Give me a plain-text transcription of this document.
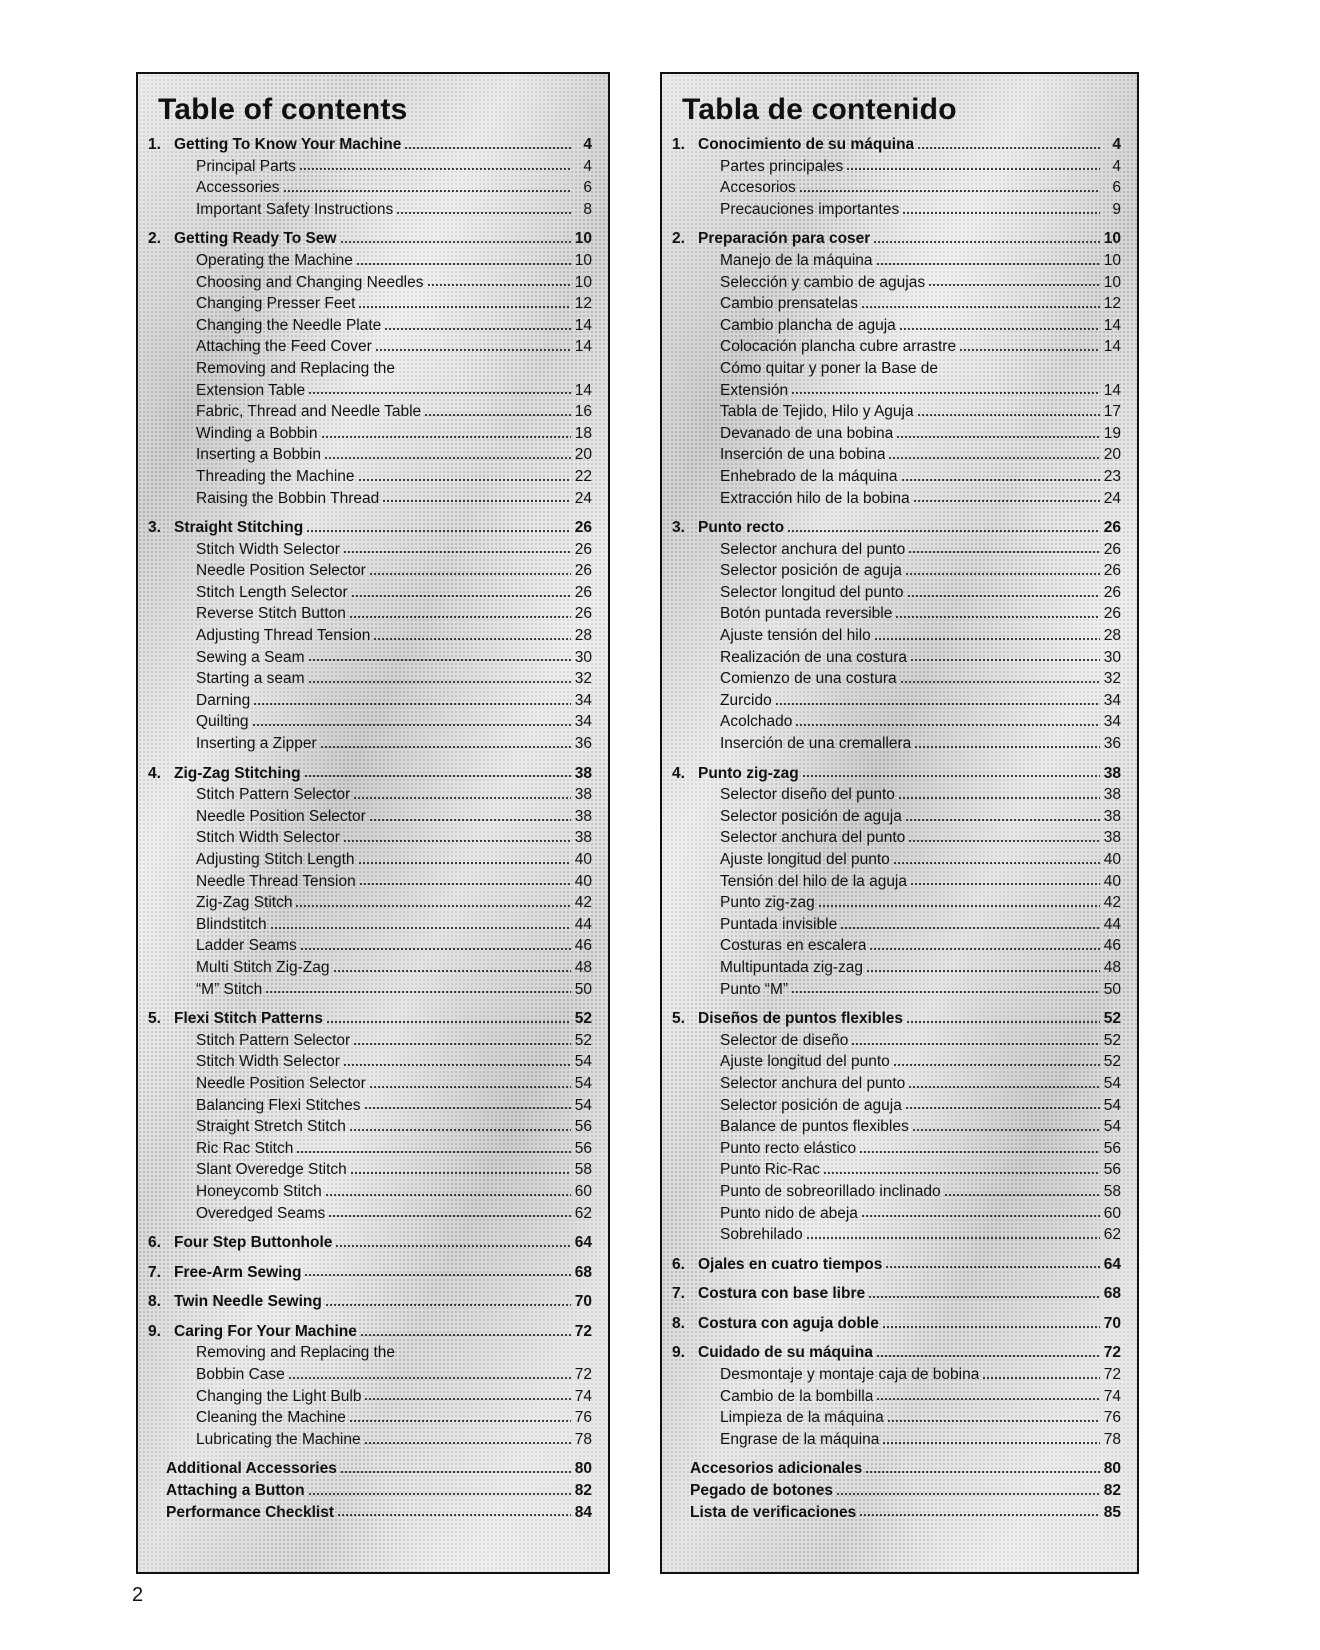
Table of contents
1. Getting To Know Your Machine	4
Principal Parts	4
Accessories	6
Important Safety Instructions	8
2. Getting Ready To Sew	10
Operating the Machine	10
Choosing and Changing Needles	10
Changing Presser Feet	12
Changing the Needle Plate	14
Attaching the Feed Cover	14
Removing and Replacing the
Extension Table	14
Fabric, Thread and Needle Table	16
Winding a Bobbin	18
Inserting a Bobbin	20
Threading the Machine	22
Raising the Bobbin Thread	24
3. Straight Stitching	26
Stitch Width Selector	26
Needle Position Selector	26
Stitch Length Selector	26
Reverse Stitch Button	26
Adjusting Thread Tension	28
Sewing a Seam	30
Starting a seam	32
Darning	34
Quilting	34
Inserting a Zipper	36
4. Zig-Zag Stitching	38
Stitch Pattern Selector	38
Needle Position Selector	38
Stitch Width Selector	38
Adjusting Stitch Length	40
Needle Thread Tension	40
Zig-Zag Stitch	42
Blindstitch	44
Ladder Seams	46
Multi Stitch Zig-Zag	48
“M” Stitch	50
5. Flexi Stitch Patterns	52
Stitch Pattern Selector	52
Stitch Width Selector	54
Needle Position Selector	54
Balancing Flexi Stitches	54
Straight Stretch Stitch	56
Ric Rac Stitch	56
Slant Overedge Stitch	58
Honeycomb Stitch	60
Overedged Seams	62
6. Four Step Buttonhole	64
7. Free-Arm Sewing	68
8. Twin Needle Sewing	70
9. Caring For Your Machine	72
Removing and Replacing the
Bobbin Case	72
Changing the Light Bulb	74
Cleaning the Machine	76
Lubricating the Machine	78
Additional Accessories	80
Attaching a Button	82
Performance Checklist	84
Tabla de contenido
1. Conocimiento de su máquina	4
Partes principales	4
Accesorios	6
Precauciones importantes	9
2. Preparación para coser	10
Manejo de la máquina	10
Selección y cambio de agujas	10
Cambio prensatelas	12
Cambio plancha de aguja	14
Colocación plancha cubre arrastre	14
Cómo quitar y poner la Base de
Extensión	14
Tabla de Tejido, Hilo y Aguja	17
Devanado de una bobina	19
Inserción de una bobina	20
Enhebrado de la máquina	23
Extracción hilo de la bobina	24
3. Punto recto	26
Selector anchura del punto	26
Selector posición de aguja	26
Selector longitud del punto	26
Botón puntada reversible	26
Ajuste tensión del hilo	28
Realización de una costura	30
Comienzo de una costura	32
Zurcido	34
Acolchado	34
Inserción de una cremallera	36
4. Punto zig-zag	38
Selector diseño del punto	38
Selector posición de aguja	38
Selector anchura del punto	38
Ajuste longitud del punto	40
Tensión del hilo de la aguja	40
Punto zig-zag	42
Puntada invisible	44
Costuras en escalera	46
Multipuntada zig-zag	48
Punto “M”	50
5. Diseños de puntos flexibles	52
Selector de diseño	52
Ajuste longitud del punto	52
Selector anchura del punto	54
Selector posición de aguja	54
Balance de puntos flexibles	54
Punto recto elástico	56
Punto Ric-Rac	56
Punto de sobreorillado inclinado	58
Punto nido de abeja	60
Sobrehilado	62
6. Ojales en cuatro tiempos	64
7. Costura con base libre	68
8. Costura con aguja doble	70
9. Cuidado de su máquina	72
Desmontaje y montaje caja de bobina	72
Cambio de la bombilla	74
Limpieza de la máquina	76
Engrase de la máquina	78
Accesorios adicionales	80
Pegado de botones	82
Lista de verificaciones	85
2
